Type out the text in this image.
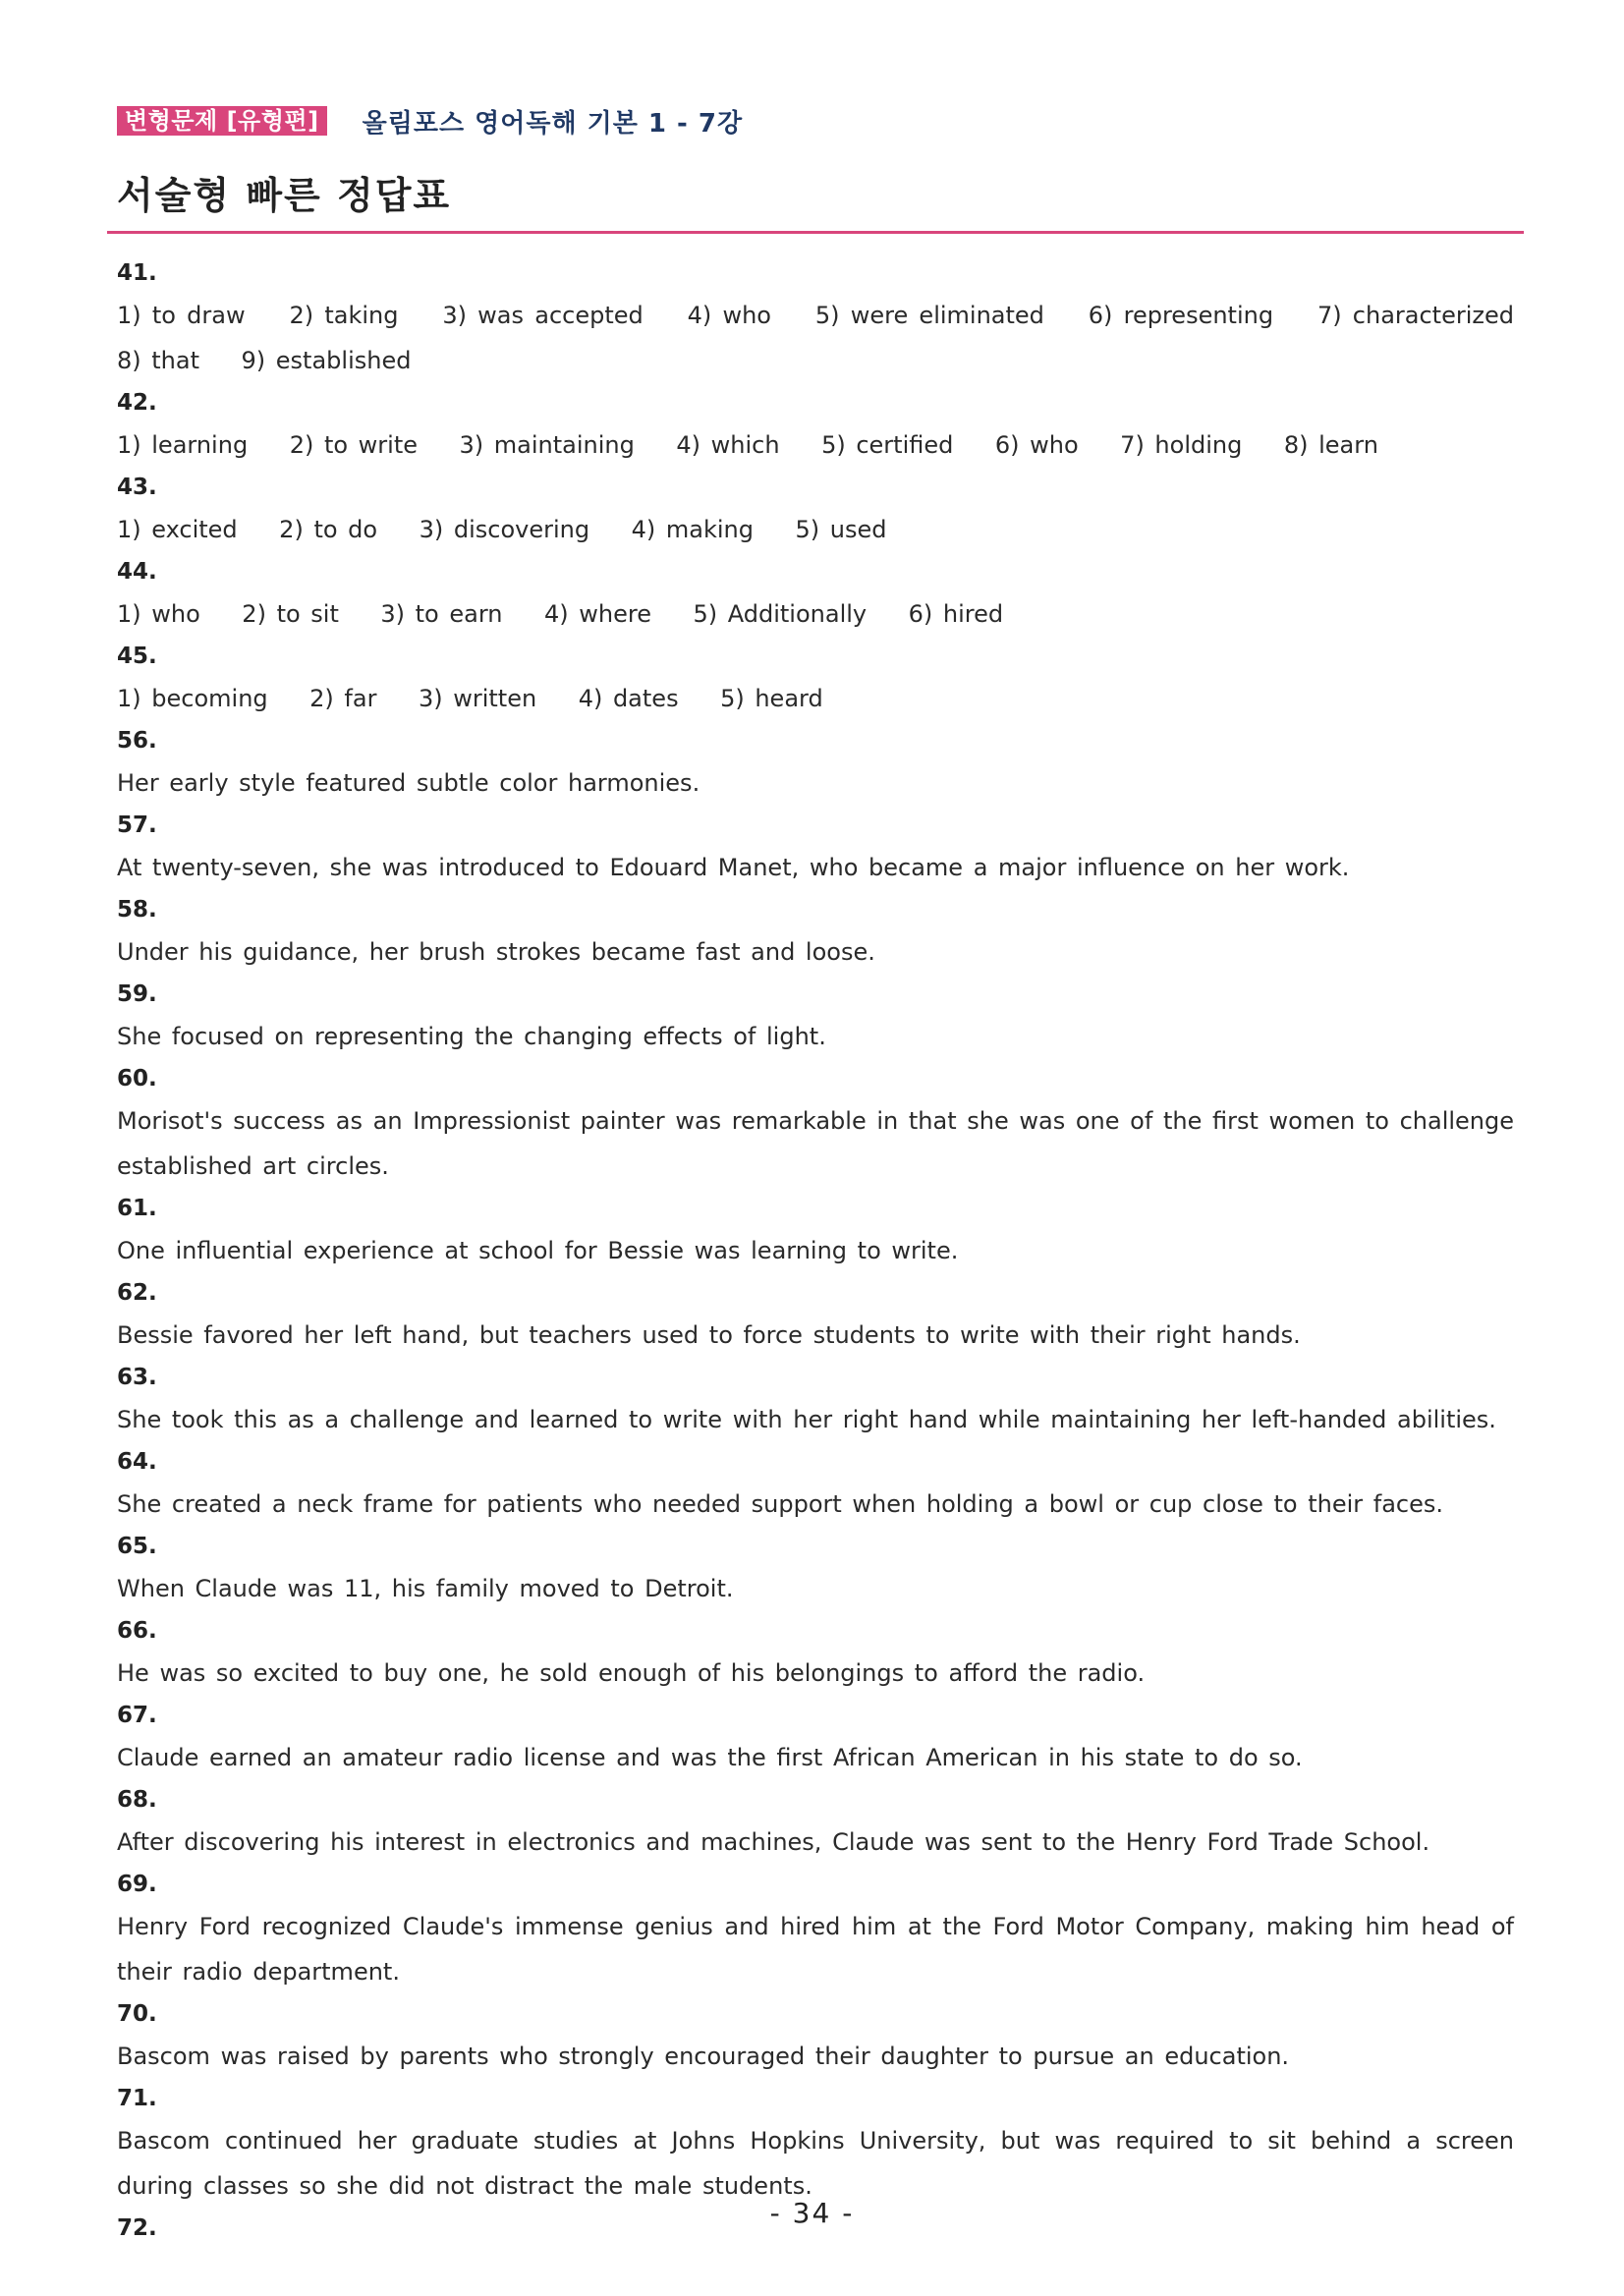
변형문제 [유형편]	올림포스 영어독해 기본 1 - 7강
서술형 빠른 정답표
41.
1) to draw    2) taking    3) was accepted    4) who    5) were eliminated    6) representing    7) characterized    8) that    9) established
42.
1) learning    2) to write    3) maintaining    4) which    5) certified    6) who    7) holding    8) learn
43.
1) excited    2) to do    3) discovering    4) making    5) used
44.
1) who    2) to sit    3) to earn    4) where    5) Additionally    6) hired
45.
1) becoming    2) far    3) written    4) dates    5) heard
56.
Her early style featured subtle color harmonies.
57.
At twenty-seven, she was introduced to Edouard Manet, who became a major influence on her work.
58.
Under his guidance, her brush strokes became fast and loose.
59.
She focused on representing the changing effects of light.
60.
Morisot's success as an Impressionist painter was remarkable in that she was one of the first women to challenge established art circles.
61.
One influential experience at school for Bessie was learning to write.
62.
Bessie favored her left hand, but teachers used to force students to write with their right hands.
63.
She took this as a challenge and learned to write with her right hand while maintaining her left-handed abilities.
64.
She created a neck frame for patients who needed support when holding a bowl or cup close to their faces.
65.
When Claude was 11, his family moved to Detroit.
66.
He was so excited to buy one, he sold enough of his belongings to afford the radio.
67.
Claude earned an amateur radio license and was the first African American in his state to do so.
68.
After discovering his interest in electronics and machines, Claude was sent to the Henry Ford Trade School.
69.
Henry Ford recognized Claude's immense genius and hired him at the Ford Motor Company, making him head of their radio department.
70.
Bascom was raised by parents who strongly encouraged their daughter to pursue an education.
71.
Bascom continued her graduate studies at Johns Hopkins University, but was required to sit behind a screen during classes so she did not distract the male students.
72.	- 34 -
